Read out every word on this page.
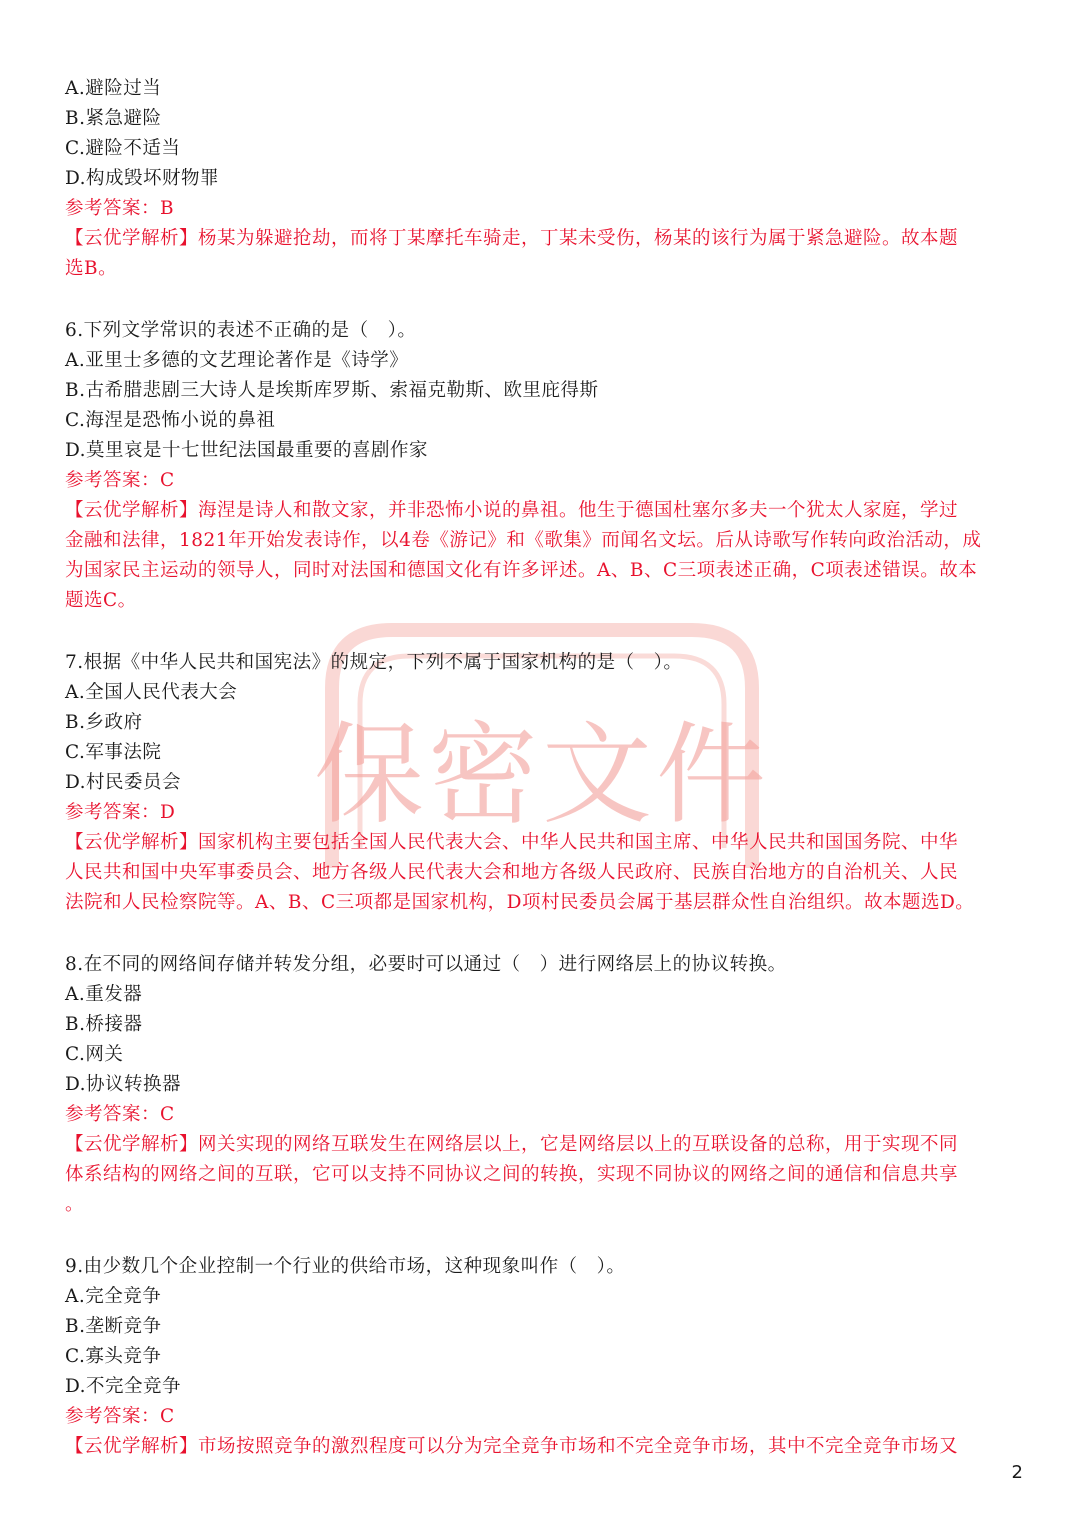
保密文件
A.避险过当
B.紧急避险
C.避险不适当
D.构成毁坏财物罪
参考答案：B
【云优学解析】杨某为躲避抢劫，而将丁某摩托车骑走，丁某未受伤，杨某的该行为属于紧急避险。故本题
选B。
6.下列文学常识的表述不正确的是（　）。
A.亚里士多德的文艺理论著作是《诗学》
B.古希腊悲剧三大诗人是埃斯库罗斯、索福克勒斯、欧里庇得斯
C.海涅是恐怖小说的鼻祖
D.莫里哀是十七世纪法国最重要的喜剧作家
参考答案：C
【云优学解析】海涅是诗人和散文家，并非恐怖小说的鼻祖。他生于德国杜塞尔多夫一个犹太人家庭，学过
金融和法律，1821年开始发表诗作，以4卷《游记》和《歌集》而闻名文坛。后从诗歌写作转向政治活动，成
为国家民主运动的领导人，同时对法国和德国文化有许多评述。A、B、C三项表述正确，C项表述错误。故本
题选C。
7.根据《中华人民共和国宪法》的规定，下列不属于国家机构的是（　）。
A.全国人民代表大会
B.乡政府
C.军事法院
D.村民委员会
参考答案：D
【云优学解析】国家机构主要包括全国人民代表大会、中华人民共和国主席、中华人民共和国国务院、中华
人民共和国中央军事委员会、地方各级人民代表大会和地方各级人民政府、民族自治地方的自治机关、人民
法院和人民检察院等。A、B、C三项都是国家机构，D项村民委员会属于基层群众性自治组织。故本题选D。
8.在不同的网络间存储并转发分组，必要时可以通过（　）进行网络层上的协议转换。
A.重发器
B.桥接器
C.网关
D.协议转换器
参考答案：C
【云优学解析】网关实现的网络互联发生在网络层以上，它是网络层以上的互联设备的总称，用于实现不同
体系结构的网络之间的互联，它可以支持不同协议之间的转换，实现不同协议的网络之间的通信和信息共享
。
9.由少数几个企业控制一个行业的供给市场，这种现象叫作（　）。
A.完全竞争
B.垄断竞争
C.寡头竞争
D.不完全竞争
参考答案：C
【云优学解析】市场按照竞争的激烈程度可以分为完全竞争市场和不完全竞争市场，其中不完全竞争市场又
2
